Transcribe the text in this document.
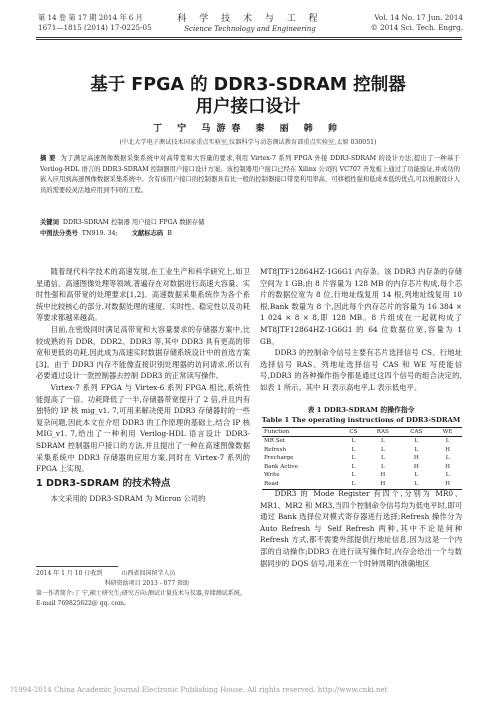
第 14 卷 第 17 期 2014 年 6 月
1671—1815 (2014) 17-0225-05
科 学 技 术 与 工 程
Science Technology and Engineering
Vol. 14 No. 17 Jun. 2014
© 2014 Sci. Tech. Engrg.
基于 FPGA 的 DDR3-SDRAM 控制器
用户接口设计
丁 宁 马游春 秦 丽 韩 帅
(中北大学电子测试技术国家重点实验室,仪器科学与动态测试教育部重点实验室,太原 030051)
摘 要 为了满足高速图像数据采集系统中对高带宽和大容量的要求,利用 Virtex-7 系列 FPGA 外接 DDR3-SDRAM 的设计方法,提出了一种基于 Verilog-HDL 语言的 DDR3-SDRAM 控制器用户接口设计方案。该控制器用户接口已经在 Xilinx 公司的 VC707 开发板上通过了功能验证,并成功的嵌入应用到高速图像数据采集系统中。含有该用户接口的控制器具有比一般的控制器接口带宽利用率高、可移植性强和低成本低的优点,可以根据设计人员的需要较灵活地应用到不同的工程。
关键词 DDR3-SDRAM 控制器 用户接口 FPGA 数据存储
中图法分类号 TN919. 34; 文献标志码 B

随着现代科学技术的高速发展,在工业生产和科学研究上,如卫星通信、高速图像处理等领域,普遍存在对数据进行高速大容量、实时性强和高带宽的处理要求[1,2]。高速数据采集系统作为各个系统中比较核心的部分,对数据处理的速度、实时性、稳定性以及功耗等要求都越来越高。

目前,在密级同时满足高带宽和大容量要求的存储器方案中,比较成熟的有 DDR、DDR2、DDR3 等,其中 DDR3 具有更高的带宽和更低的功耗,因此成为高速实时数据存储系统设计中的首选方案[3]。由于 DDR3 内存不能像直接识别处理器的访问请求,所以有必要通过设计一款控制器去控制 DDR3 的正常读写操作。

Virtex-7 系列 FPGA 与 Virtex-6 系列 FPGA 相比,系统性能提高了一倍、功耗降低了一半,存储器带宽提升了 2 倍,并且内有独特的 IP 核 mig_v1. 7,可用来解决使用 DDR3 存储器时的一些复杂问题,因此本文在介绍 DDR3 的工作原理的基础上,结合 IP 核 MIG_v1. 7,给出了一种利用 Verilog-HDL 语言设计 DDR3-SDRAM 控制器用户接口的方法,并且提出了一种在高速图像数据采集系统中 DDR3 存储器的应用方案,同时在 Virtex-7 系列的 FPGA 上实现。

1 DDR3-SDRAM 的技术特点

本文采用的 DDR3-SDRAM 为 Micron 公司的

2014 年 1 月 10 日收到          山西省回国留学人员
科研资助项目 2013 - 077 资助
第一作者简介:丁 宁,硕士研究生;研究方向:测试计量技术与仪器,存储测试系统。E-mail 769825622@ qq. com。

MT8JTF12864HZ-1G6G1 内存条。该 DDR3 内存条的存储空间为 1 GB,由 8 片容量为 128 MB 的内存芯片构成,每个芯片的数据位宽为 8 位,行地址线复用 14 根,列地址线复用 10 根,Bank 数量为 8 个,因此每个内存芯片的容量为 16 384 × 1 024 × 8 × 8,即 128 MB。8 片组成在一起就构成了 MT8JTF12864HZ-1G6G1 的 64 位数据位宽,容量为 1 GB。

DDR3 的控制命令信号主要有芯片选择信号 CS、行地址选择信号 RAS、列地址选择信号 CAS 和 WE 写使能信号,DDR3 的各种操作指令都是通过这四个信号的组合决定的,如表 1 所示。其中 H 表示高电平,L 表示低电平。

表 1 DDR3-SDRAM 的操作指令
Table 1 The operating instructions of DDR3-SDRAM
Function	CS	RAS	CAS	WE
MR Set	L	L	L	L
Refresh	L	L	L	H
Precharge	L	L	H	L
Bank Active	L	L	H	H
Write	L	H	L	L
Read	L	H	L	H

DDR3 的 Mode Register 有四个,分别为 MR0、MR1、MR2 和 MR3,当四个控制命令信号均为低电平时,即可通过 Bank 选择位对模式寄存器进行选择;Refresh 操作分为 Auto Refresh 与 Self Refresh 两种,其中不论是何种 Refresh 方式,都不需要外部提供行地址信息,因为这是一个内部的自动操作;DDR3 在进行读写操作时,内存会给出一个与数据同步的 DQS 信号,用来在一个时钟周期内准确地区

?1994-2014 China Academic Journal Electronic Publishing House. All rights reserved. http://www.cnki.net
